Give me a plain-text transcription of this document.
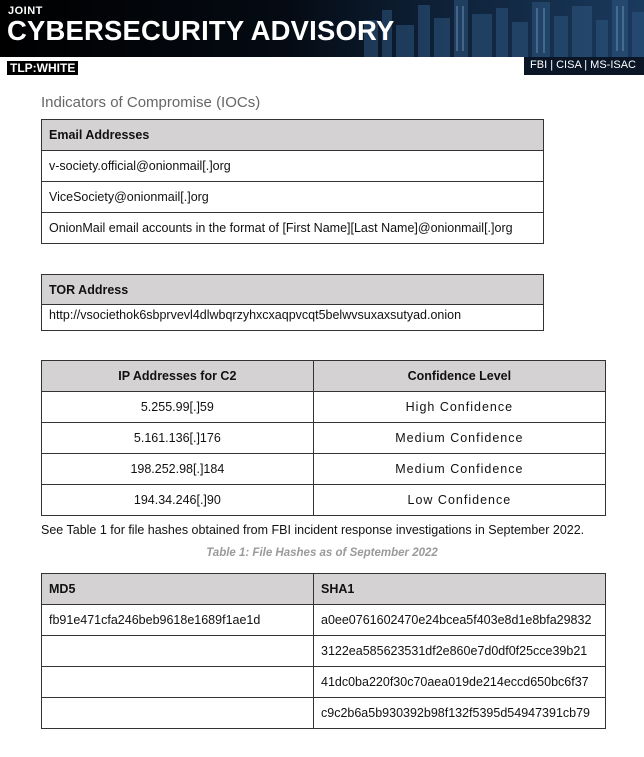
JOINT
CYBERSECURITY ADVISORY
TLP:WHITE	FBI | CISA | MS-ISAC
Indicators of Compromise (IOCs)
Email Addresses
v-society.official@onionmail[.]org
ViceSociety@onionmail[.]org
OnionMail email accounts in the format of [First Name][Last Name]@onionmail[.]org
TOR Address
http://vsociethok6sbprvevl4dlwbqrzyhxcxaqpvcqt5belwvsuxaxsutyad.onion
IP Addresses for C2	Confidence Level
5.255.99[.]59	High Confidence
5.161.136[.]176	Medium Confidence
198.252.98[.]184	Medium Confidence
194.34.246[.]90	Low Confidence
See Table 1 for file hashes obtained from FBI incident response investigations in September 2022.
Table 1: File Hashes as of September 2022
MD5	SHA1
fb91e471cfa246beb9618e1689f1ae1d	a0ee0761602470e24bcea5f403e8d1e8bfa29832
	3122ea585623531df2e860e7d0df0f25cce39b21
	41dc0ba220f30c70aea019de214eccd650bc6f37
	c9c2b6a5b930392b98f132f5395d54947391cb79
